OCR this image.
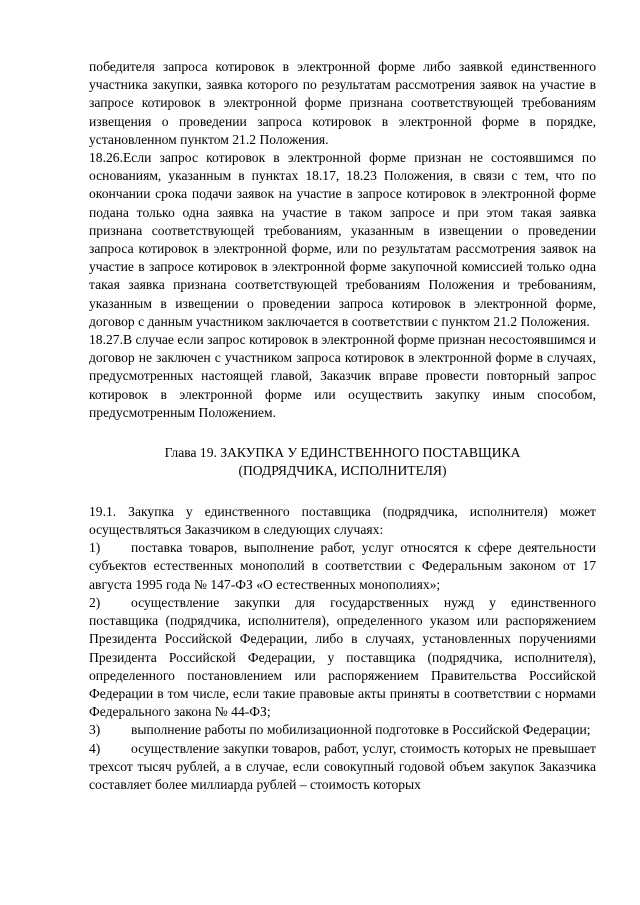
победителя запроса котировок в электронной форме либо заявкой единственного участника закупки, заявка которого по результатам рассмотрения заявок на участие в запросе котировок в электронной форме признана соответствующей требованиям извещения о проведении запроса котировок в электронной форме в порядке, установленном пунктом 21.2 Положения.

18.26.Если запрос котировок в электронной форме признан не состоявшимся по основаниям, указанным в пунктах 18.17, 18.23 Положения, в связи с тем, что по окончании срока подачи заявок на участие в запросе котировок в электронной форме подана только одна заявка на участие в таком запросе и при этом такая заявка признана соответствующей требованиям, указанным в извещении о проведении запроса котировок в электронной форме, или по результатам рассмотрения заявок на участие в запросе котировок в электронной форме закупочной комиссией только одна такая заявка признана соответствующей требованиям Положения и требованиям, указанным в извещении о проведении запроса котировок в электронной форме, договор с данным участником заключается в соответствии с пунктом 21.2 Положения.

18.27.В случае если запрос котировок в электронной форме признан несостоявшимся и договор не заключен с участником запроса котировок в электронной форме в случаях, предусмотренных настоящей главой, Заказчик вправе провести повторный запрос котировок в электронной форме или осуществить закупку иным способом, предусмотренным Положением.

Глава 19. ЗАКУПКА У ЕДИНСТВЕННОГО ПОСТАВЩИКА
(ПОДРЯДЧИКА, ИСПОЛНИТЕЛЯ)

19.1. Закупка у единственного поставщика (подрядчика, исполнителя) может осуществляться Заказчиком в следующих случаях:

1) поставка товаров, выполнение работ, услуг относятся к сфере деятельности субъектов естественных монополий в соответствии с Федеральным законом от 17 августа 1995 года № 147-ФЗ «О естественных монополиях»;

2) осуществление закупки для государственных нужд у единственного поставщика (подрядчика, исполнителя), определенного указом или распоряжением Президента Российской Федерации, либо в случаях, установленных поручениями Президента Российской Федерации, у поставщика (подрядчика, исполнителя), определенного постановлением или распоряжением Правительства Российской Федерации в том числе, если такие правовые акты приняты в соответствии с нормами Федерального закона № 44-ФЗ;

3) выполнение работы по мобилизационной подготовке в Российской Федерации;

4) осуществление закупки товаров, работ, услуг, стоимость которых не превышает трехсот тысяч рублей, а в случае, если совокупный годовой объем закупок Заказчика составляет более миллиарда рублей – стоимость которых
